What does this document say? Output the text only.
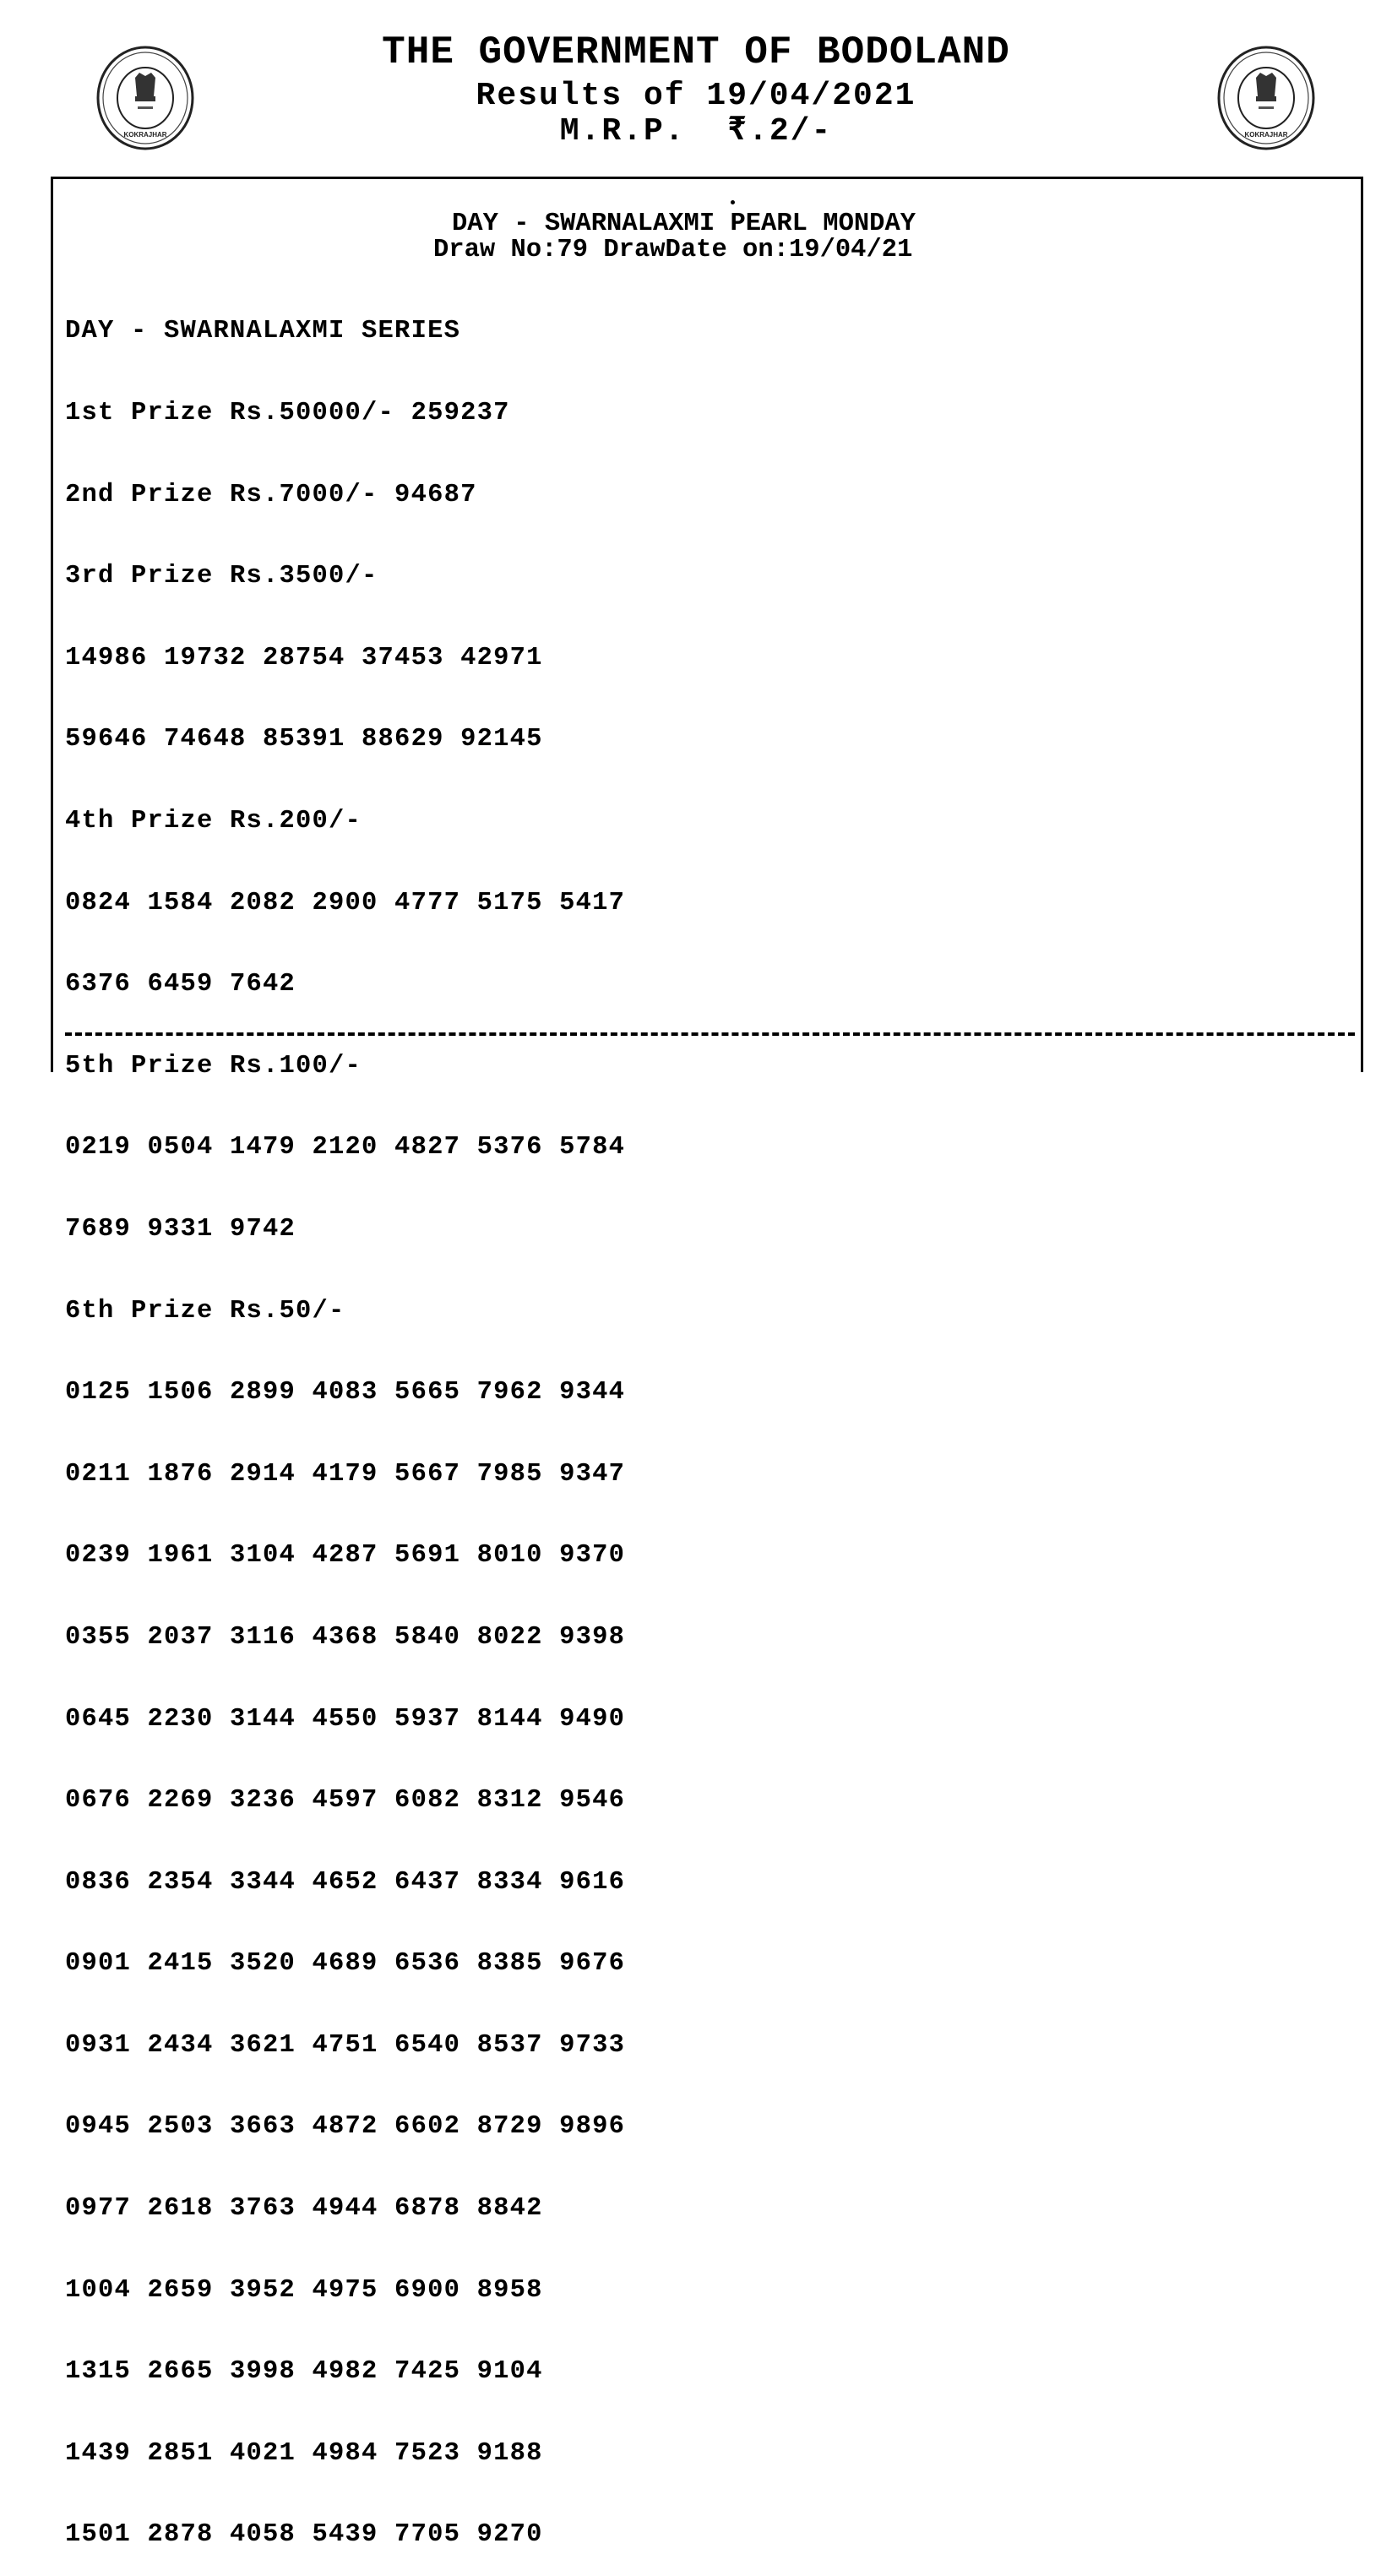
KOKRAJHAR	KOKRAJHAR
THE GOVERNMENT OF BODOLAND
Results of 19/04/2021
M.R.P.  ₹.2/-
DAY - SWARNALAXMI PEARL MONDAY
Draw No:79 DrawDate on:19/04/21

DAY - SWARNALAXMI SERIES

1st Prize Rs.50000/- 259237

2nd Prize Rs.7000/- 94687

3rd Prize Rs.3500/-

14986 19732 28754 37453 42971

59646 74648 85391 88629 92145

4th Prize Rs.200/-

0824 1584 2082 2900 4777 5175 5417

6376 6459 7642

5th Prize Rs.100/-

0219 0504 1479 2120 4827 5376 5784

7689 9331 9742

6th Prize Rs.50/-

0125 1506 2899 4083 5665 7962 9344

0211 1876 2914 4179 5667 7985 9347

0239 1961 3104 4287 5691 8010 9370

0355 2037 3116 4368 5840 8022 9398

0645 2230 3144 4550 5937 8144 9490

0676 2269 3236 4597 6082 8312 9546

0836 2354 3344 4652 6437 8334 9616

0901 2415 3520 4689 6536 8385 9676

0931 2434 3621 4751 6540 8537 9733

0945 2503 3663 4872 6602 8729 9896

0977 2618 3763 4944 6878 8842

1004 2659 3952 4975 6900 8958

1315 2665 3998 4982 7425 9104

1439 2851 4021 4984 7523 9188

1501 2878 4058 5439 7705 9270
